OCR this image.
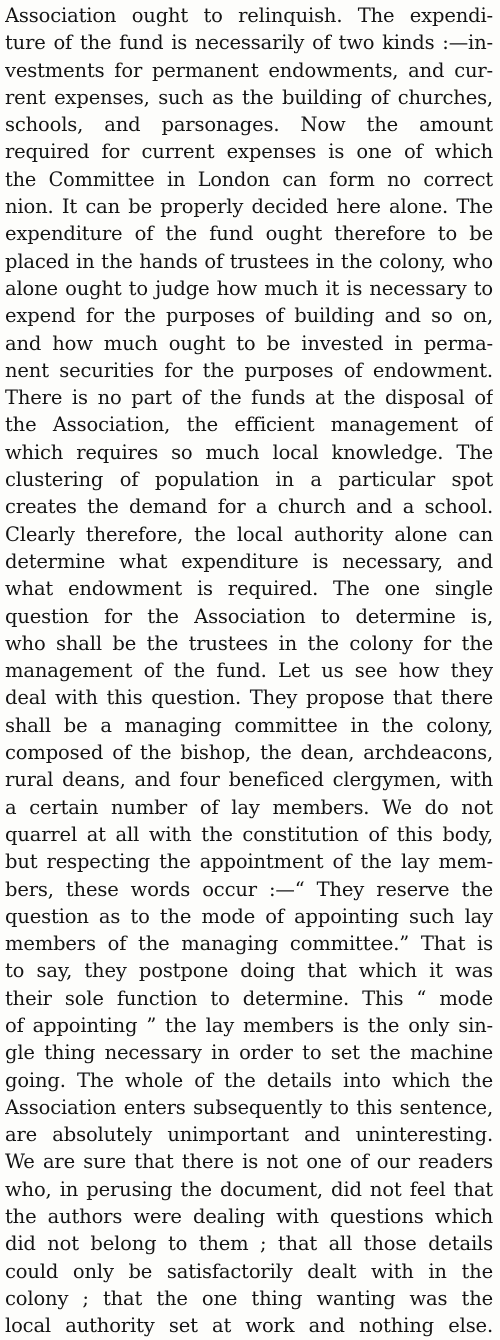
Association ought to relinquish. The expendi-
ture of the fund is necessarily of two kinds :—in-
vestments for permanent endowments, and cur-
rent expenses, such as the building of churches,
schools, and parsonages. Now the amount
required for current expenses is one of which
the Committee in London can form no correct
nion. It can be properly decided here alone. The
expenditure of the fund ought therefore to be
placed in the hands of trustees in the colony, who
alone ought to judge how much it is necessary to
expend for the purposes of building and so on,
and how much ought to be invested in perma-
nent securities for the purposes of endowment.
There is no part of the funds at the disposal of
the Association, the efficient management of
which requires so much local knowledge. The
clustering of population in a particular spot
creates the demand for a church and a school.
Clearly therefore, the local authority alone can
determine what expenditure is necessary, and
what endowment is required. The one single
question for the Association to determine is,
who shall be the trustees in the colony for the
management of the fund. Let us see how they
deal with this question. They propose that there
shall be a managing committee in the colony,
composed of the bishop, the dean, archdeacons,
rural deans, and four beneficed clergymen, with
a certain number of lay members. We do not
quarrel at all with the constitution of this body,
but respecting the appointment of the lay mem-
bers, these words occur :—“ They reserve the
question as to the mode of appointing such lay
members of the managing committee.” That is
to say, they postpone doing that which it was
their sole function to determine. This “ mode
of appointing ” the lay members is the only sin-
gle thing necessary in order to set the machine
going. The whole of the details into which the
Association enters subsequently to this sentence,
are absolutely unimportant and uninteresting.
We are sure that there is not one of our readers
who, in perusing the document, did not feel that
the authors were dealing with questions which
did not belong to them ; that all those details
could only be satisfactorily dealt with in the
colony ; that the one thing wanting was the
local authority set at work and nothing else.
